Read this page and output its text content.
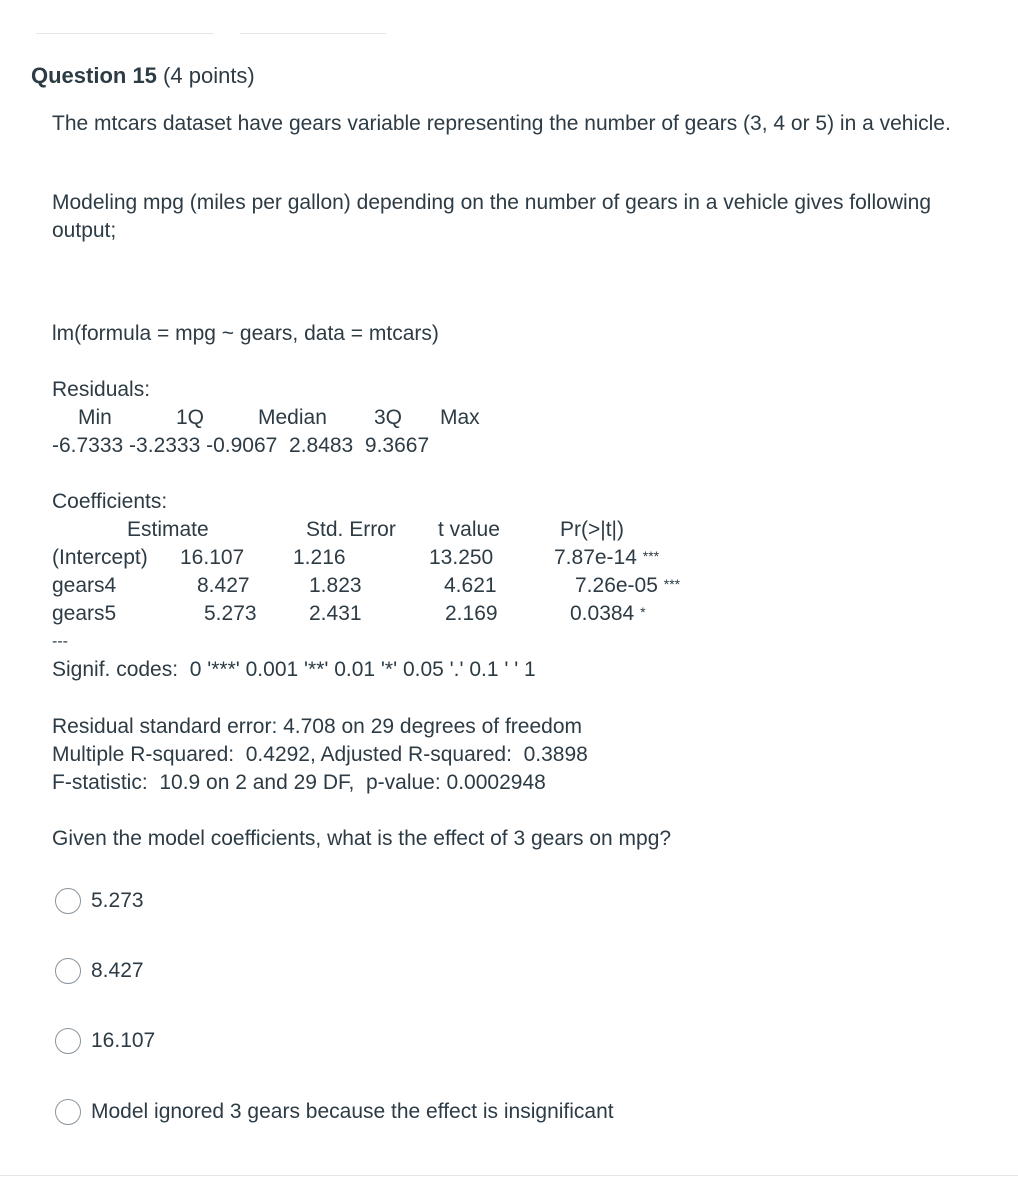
Question 15 (4 points)

The mtcars dataset have gears variable representing the number of gears (3, 4 or 5) in a vehicle.

Modeling mpg (miles per gallon) depending on the number of gears in a vehicle gives following output;

lm(formula = mpg ~ gears, data = mtcars)
Residuals:
Min	1Q	Median 3Q Max
-6.7333 -3.2333 -0.9067  2.8483  9.3667
Coefficients:
Estimate	Std. Error t value	Pr(>|t|)
(Intercept) 16.107 1.216	13.250	7.87e-14 ***
gears4	8.427	1.823	4.621	7.26e-05 ***
gears5	5.273 2.431	2.169	0.0384 *
---
Signif. codes:  0 '***' 0.001 '**' 0.01 '*' 0.05 '.' 0.1 ' ' 1
Residual standard error: 4.708 on 29 degrees of freedom
Multiple R-squared:  0.4292, Adjusted R-squared:  0.3898
F-statistic:  10.9 on 2 and 29 DF,  p-value: 0.0002948
Given the model coefficients, what is the effect of 3 gears on mpg?
5.273
8.427
16.107
Model ignored 3 gears because the effect is insignificant
